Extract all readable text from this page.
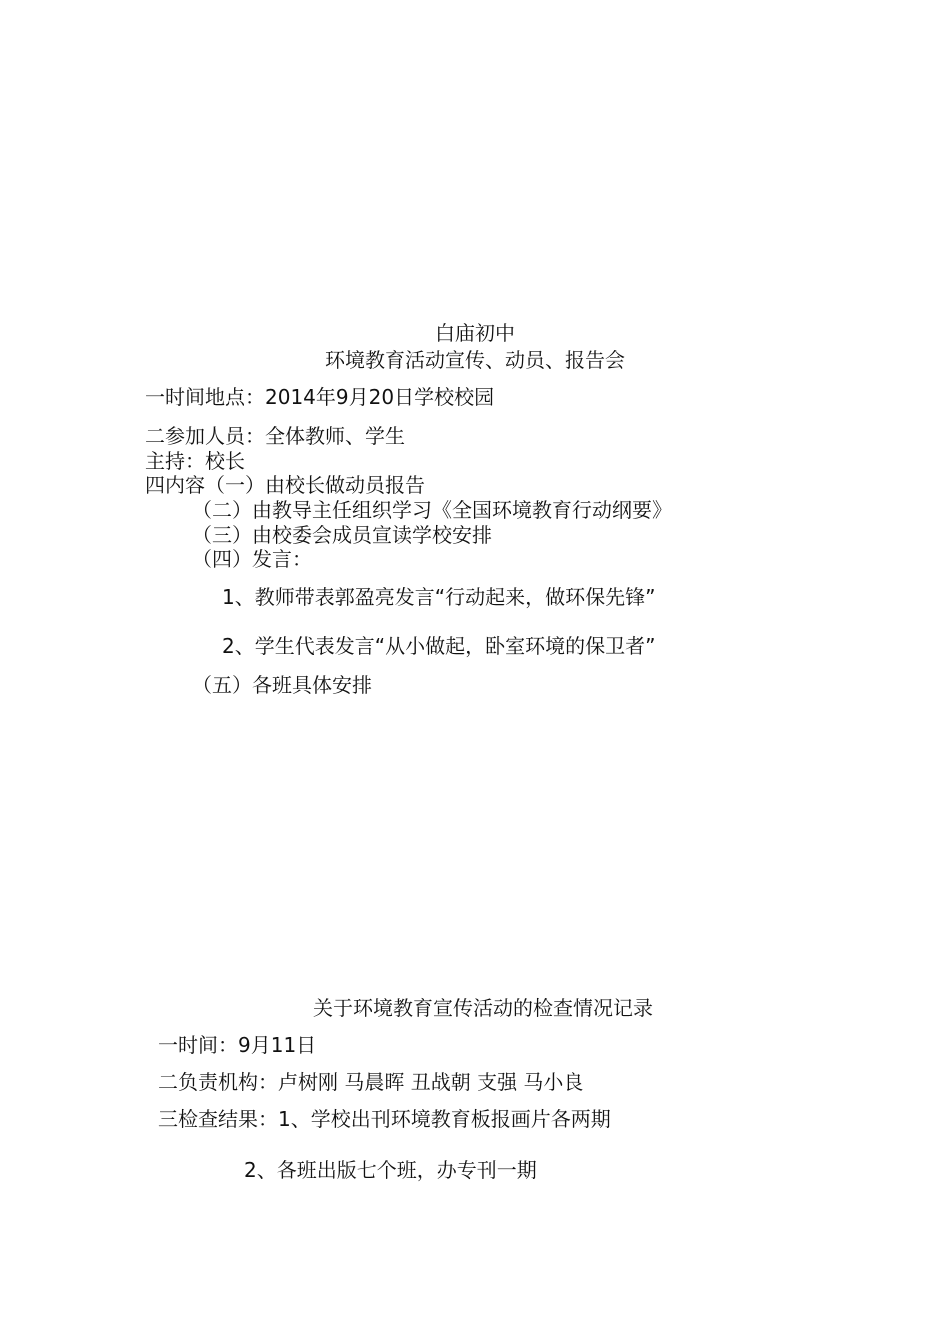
白庙初中
环境教育活动宣传、动员、报告会
一时间地点：2014年9月20日学校校园
二参加人员：全体教师、学生
主持：校长
四内容（一）由校长做动员报告
（二）由教导主任组织学习《全国环境教育行动纲要》
（三）由校委会成员宣读学校安排
（四）发言：
1、教师带表郭盈亮发言“行动起来，做环保先锋”
2、学生代表发言“从小做起，卧室环境的保卫者”
（五）各班具体安排
关于环境教育宣传活动的检查情况记录
一时间：9月11日
二负责机构：卢树刚 马晨晖 丑战朝 支强 马小良
三检查结果：1、学校出刊环境教育板报画片各两期
2、各班出版七个班，办专刊一期
